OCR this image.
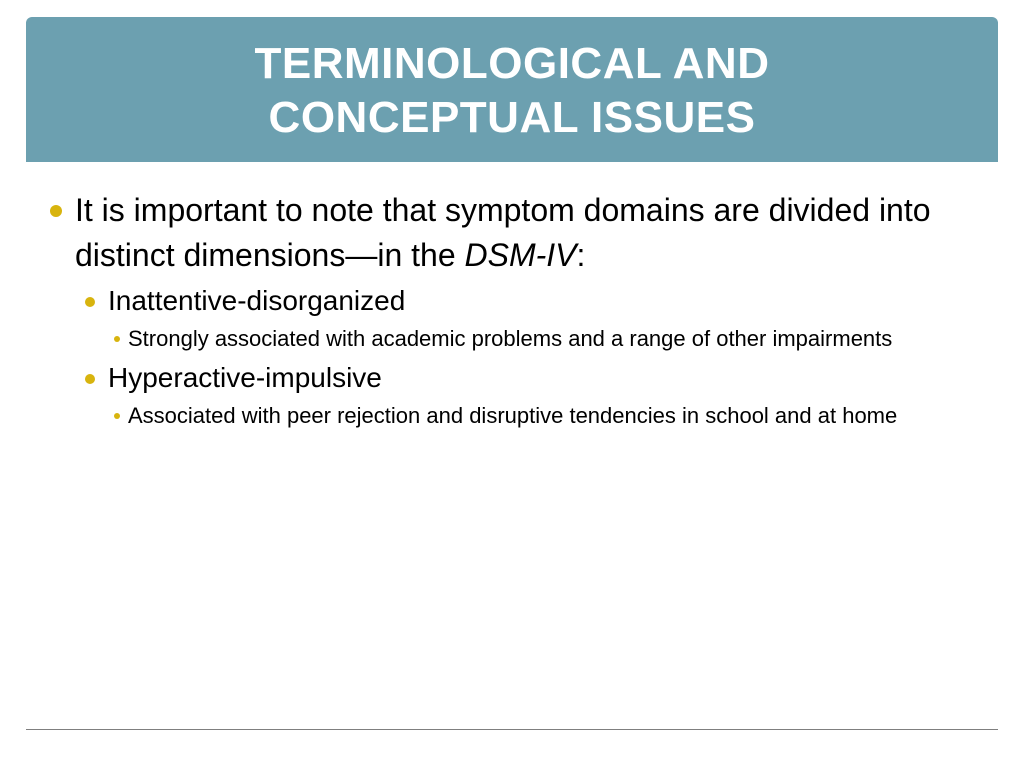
TERMINOLOGICAL AND
CONCEPTUAL ISSUES
It is important to note that symptom domains are divided into distinct dimensions—in the DSM-IV:
Inattentive-disorganized
Strongly associated with academic problems and a range of other impairments
Hyperactive-impulsive
Associated with peer rejection and disruptive tendencies in school and at home
